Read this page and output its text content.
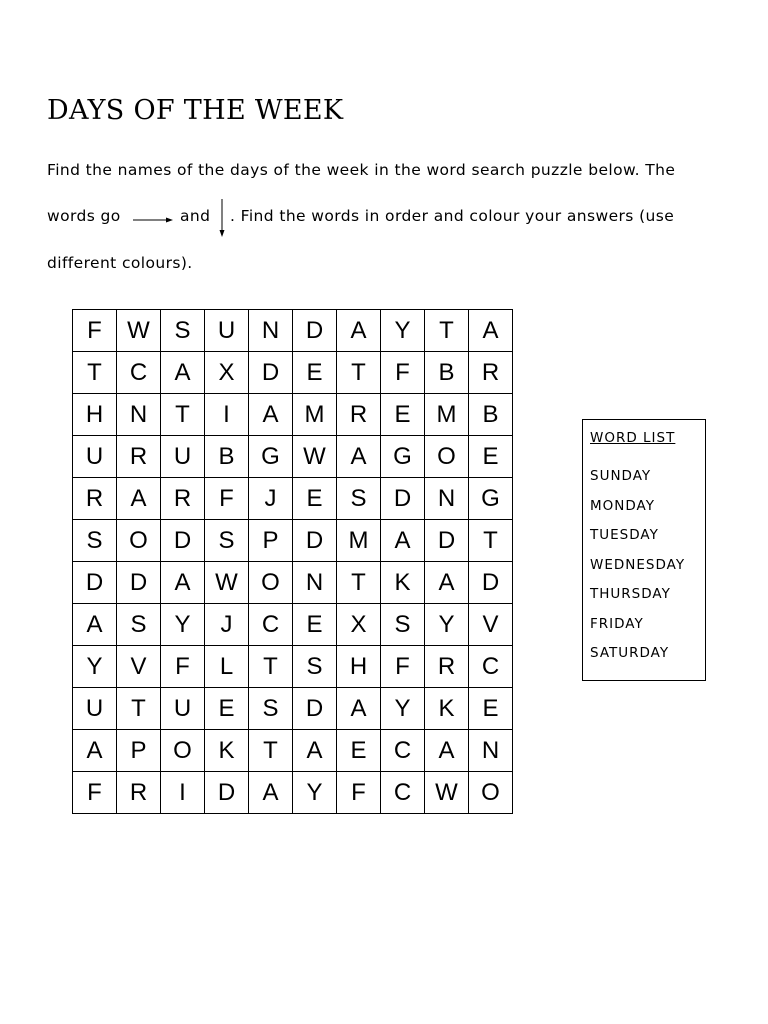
DAYS OF THE WEEK
Find the names of the days of the week in the word search puzzle below. The
words go	and . Find the words in order and colour your answers (use
different colours).
F	W	S	U	N	D	A	Y	T	A
T	C	A	X	D	E	T	F	B	R
H	N	T	I	A	M	R	E	M	B
U	R	U	B	G	W	A	G	O	E
R	A	R	F	J	E	S	D	N	G
S	O	D	S	P	D	M	A	D	T
D	D	A	W	O	N	T	K	A	D
A	S	Y	J	C	E	X	S	Y	V
Y	V	F	L	T	S	H	F	R	C
U	T	U	E	S	D	A	Y	K	E
A	P	O	K	T	A	E	C	A	N
F	R	I	D	A	Y	F	C	W	O
WORD LIST
SUNDAY
MONDAY
TUESDAY
WEDNESDAY
THURSDAY
FRIDAY
SATURDAY
